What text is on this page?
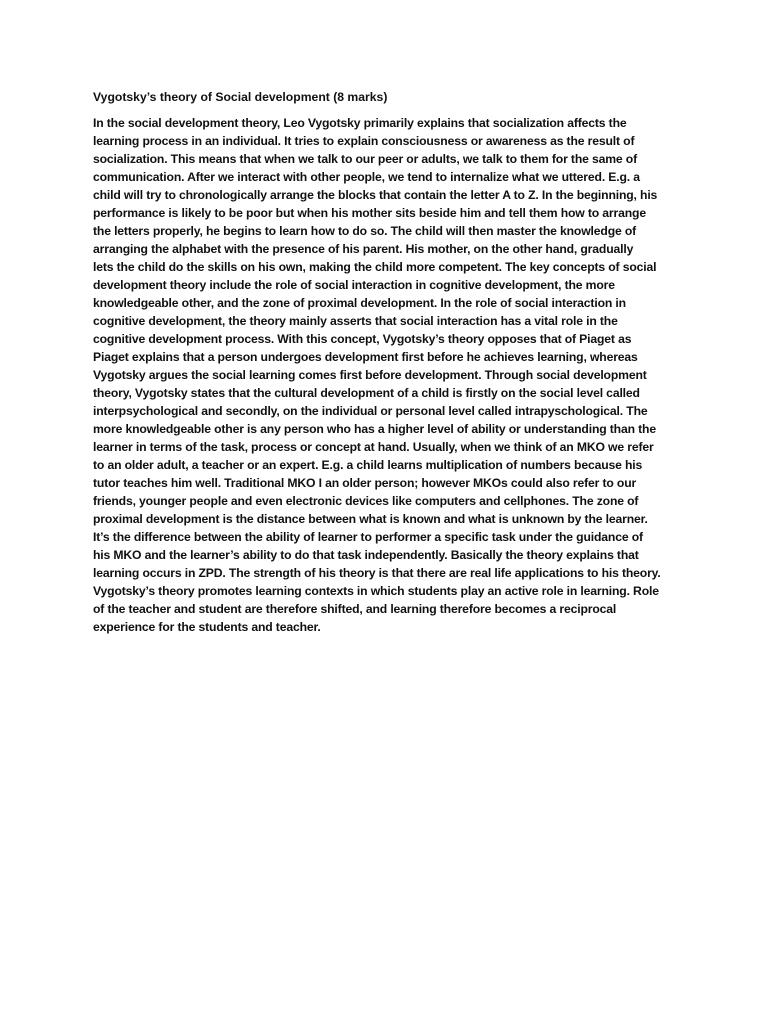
Vygotsky’s theory of Social development (8 marks)
In the social development theory, Leo Vygotsky primarily explains that socialization affects the
learning process in an individual. It tries to explain consciousness or awareness as the result of
socialization. This means that when we talk to our peer or adults, we talk to them for the same of
communication. After we interact with other people, we tend to internalize what we uttered. E.g. a
child will try to chronologically arrange the blocks that contain the letter A to Z. In the beginning, his
performance is likely to be poor but when his mother sits beside him and tell them how to arrange
the letters properly, he begins to learn how to do so. The child will then master the knowledge of
arranging the alphabet with the presence of his parent. His mother, on the other hand, gradually
lets the child do the skills on his own, making the child more competent. The key concepts of social
development theory include the role of social interaction in cognitive development, the more
knowledgeable other, and the zone of proximal development. In the role of social interaction in
cognitive development, the theory mainly asserts that social interaction has a vital role in the
cognitive development process. With this concept, Vygotsky’s theory opposes that of Piaget as
Piaget explains that a person undergoes development first before he achieves learning, whereas
Vygotsky argues the social learning comes first before development. Through social development
theory, Vygotsky states that the cultural development of a child is firstly on the social level called
interpsychological and secondly, on the individual or personal level called intrapyschological. The
more knowledgeable other is any person who has a higher level of ability or understanding than the
learner in terms of the task, process or concept at hand. Usually, when we think of an MKO we refer
to an older adult, a teacher or an expert. E.g. a child learns multiplication of numbers because his
tutor teaches him well. Traditional MKO I an older person; however MKOs could also refer to our
friends, younger people and even electronic devices like computers and cellphones. The zone of
proximal development is the distance between what is known and what is unknown by the learner.
It’s the difference between the ability of learner to performer a specific task under the guidance of
his MKO and the learner’s ability to do that task independently. Basically the theory explains that
learning occurs in ZPD. The strength of his theory is that there are real life applications to his theory.
Vygotsky’s theory promotes learning contexts in which students play an active role in learning. Role
of the teacher and student are therefore shifted, and learning therefore becomes a reciprocal
experience for the students and teacher.
